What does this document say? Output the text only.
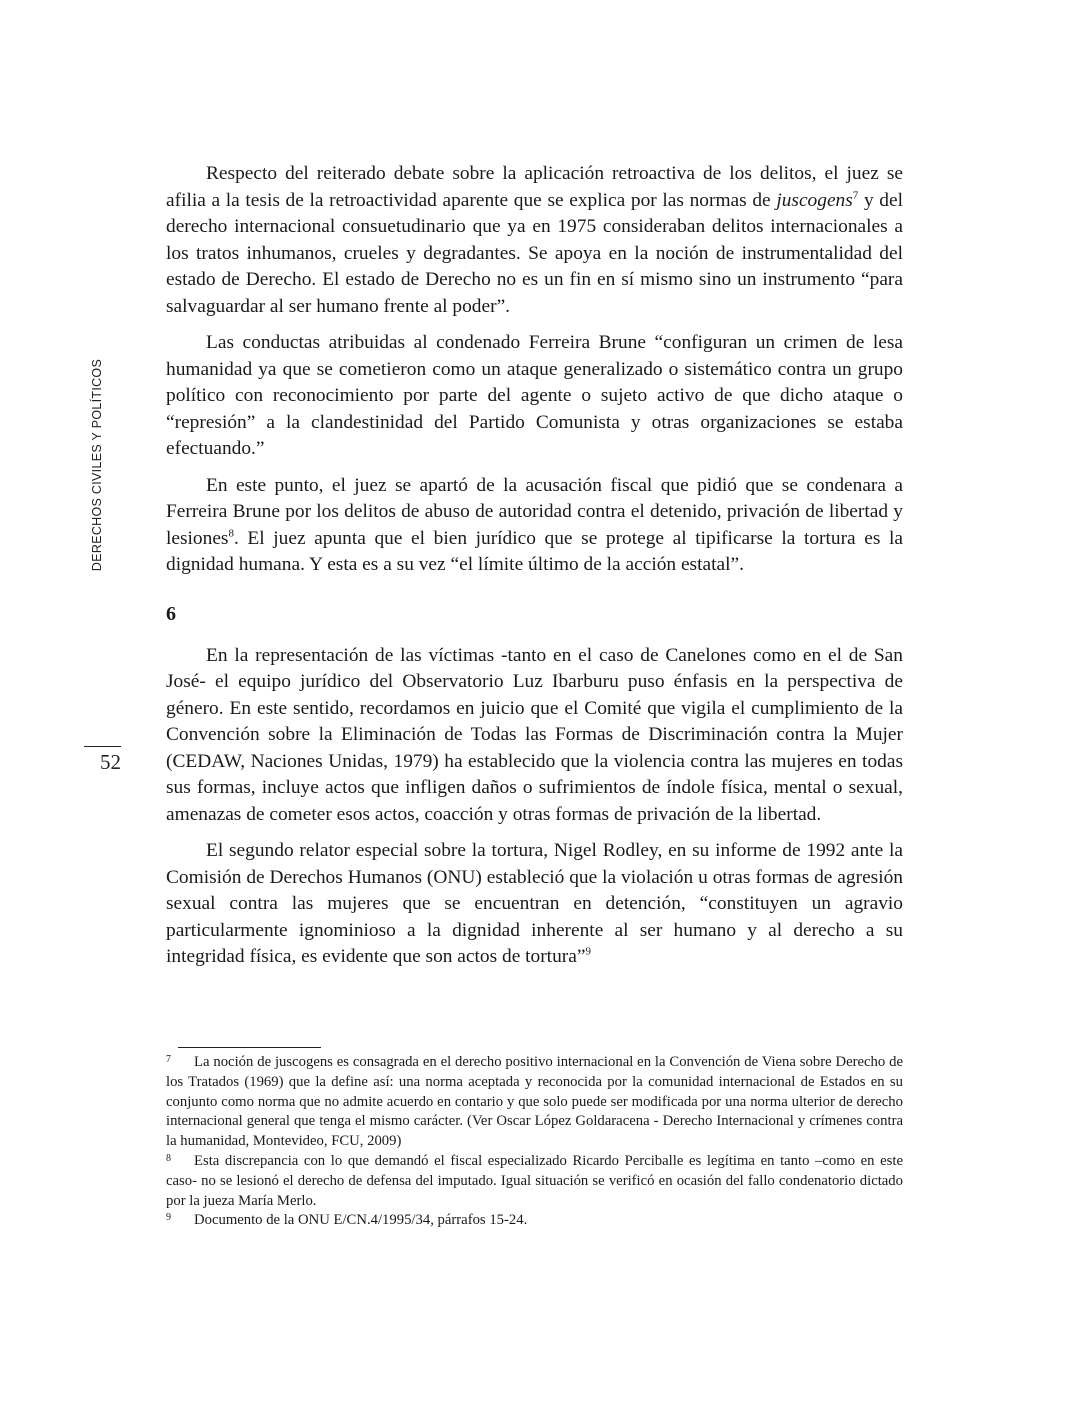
DERECHOS CIVILES Y POLÍTICOS
52

Respecto del reiterado debate sobre la aplicación retroactiva de los delitos, el juez se afilia a la tesis de la retroactividad aparente que se explica por las normas de juscogens$^7$ y del derecho internacional consuetudinario que ya en 1975 consideraban delitos internacionales a los tratos inhumanos, crueles y degradantes. Se apoya en la noción de instrumentalidad del estado de Derecho. El estado de Derecho no es un fin en sí mismo sino un instrumento “para salvaguardar al ser humano frente al poder”.

Las conductas atribuidas al condenado Ferreira Brune “configuran un crimen de lesa humanidad ya que se cometieron como un ataque generalizado o sistemático contra un grupo político con reconocimiento por parte del agente o sujeto activo de que dicho ataque o “represión” a la clandestinidad del Partido Comunista y otras organizaciones se estaba efectuando.”

En este punto, el juez se apartó de la acusación fiscal que pidió que se condenara a Ferreira Brune por los delitos de abuso de autoridad contra el detenido, privación de libertad y lesiones$^8$. El juez apunta que el bien jurídico que se protege al tipificarse la tortura es la dignidad humana. Y esta es a su vez “el límite último de la acción estatal”.

6

En la representación de las víctimas -tanto en el caso de Canelones como en el de San José- el equipo jurídico del Observatorio Luz Ibarburu puso énfasis en la perspectiva de género. En este sentido, recordamos en juicio que el Comité que vigila el cumplimiento de la Convención sobre la Eliminación de Todas las Formas de Discriminación contra la Mujer (CEDAW, Naciones Unidas, 1979) ha establecido que la violencia contra las mujeres en todas sus formas, incluye actos que infligen daños o sufrimientos de índole física, mental o sexual, amenazas de cometer esos actos, coacción y otras formas de privación de la libertad.

El segundo relator especial sobre la tortura, Nigel Rodley, en su informe de 1992 ante la Comisión de Derechos Humanos (ONU) estableció que la violación u otras formas de agresión sexual contra las mujeres que se encuentran en detención, “constituyen un agravio particularmente ignominioso a la dignidad inherente al ser humano y al derecho a su integridad física, es evidente que son actos de tortura”$^9$

7 La noción de juscogens es consagrada en el derecho positivo internacional en la Convención de Viena sobre Derecho de los Tratados (1969) que la define así: una norma aceptada y reconocida por la comunidad internacional de Estados en su conjunto como norma que no admite acuerdo en contario y que solo puede ser modificada por una norma ulterior de derecho internacional general que tenga el mismo carácter. (Ver Oscar López Goldaracena - Derecho Internacional y crímenes contra la humanidad, Montevideo, FCU, 2009)

8 Esta discrepancia con lo que demandó el fiscal especializado Ricardo Perciballe es legítima en tanto –como en este caso- no se lesionó el derecho de defensa del imputado. Igual situación se verificó en ocasión del fallo condenatorio dictado por la jueza María Merlo.

9 Documento de la ONU E/CN.4/1995/34, párrafos 15-24.
